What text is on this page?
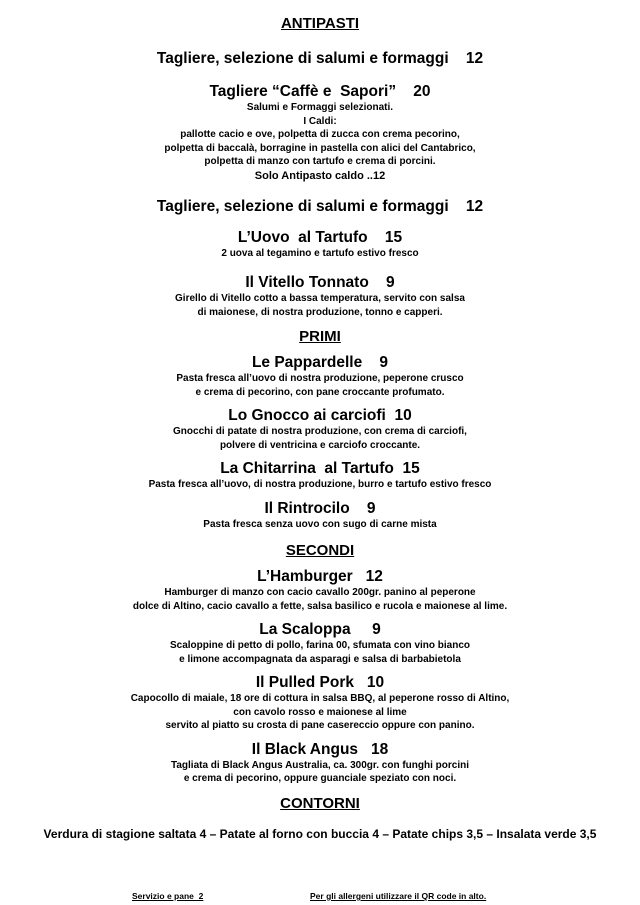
ANTIPASTI

Tagliere, selezione di salumi e formaggi    12

Tagliere “Caffè e  Sapori”    20

Salumi e Formaggi selezionati.

I Caldi:

pallotte cacio e ove, polpetta di zucca con crema pecorino,

polpetta di baccalà, borragine in pastella con alici del Cantabrico,

polpetta di manzo con tartufo e crema di porcini.

Solo Antipasto caldo ..12

Tagliere, selezione di salumi e formaggi    12

L’Uovo  al Tartufo    15

2 uova al tegamino e tartufo estivo fresco

Il Vitello Tonnato    9

Girello di Vitello cotto a bassa temperatura, servito con salsa

di maionese, di nostra produzione, tonno e capperi.

PRIMI

Le Pappardelle    9

Pasta fresca all’uovo di nostra produzione, peperone crusco

e crema di pecorino, con pane croccante profumato.

Lo Gnocco ai carciofi  10

Gnocchi di patate di nostra produzione, con crema di carciofi,

polvere di ventricina e carciofo croccante.

La Chitarrina  al Tartufo  15

Pasta fresca all’uovo, di nostra produzione, burro e tartufo estivo fresco

Il Rintrocilo    9

Pasta fresca senza uovo con sugo di carne mista

SECONDI

L’Hamburger   12

Hamburger di manzo con cacio cavallo 200gr. panino al peperone

dolce di Altino, cacio cavallo a fette, salsa basilico e rucola e maionese al lime.

La Scaloppa     9

Scaloppine di petto di pollo, farina 00, sfumata con vino bianco

e limone accompagnata da asparagi e salsa di barbabietola

Il Pulled Pork   10

Capocollo di maiale, 18 ore di cottura in salsa BBQ, al peperone rosso di Altino,

con cavolo rosso e maionese al lime

servito al piatto su crosta di pane casereccio oppure con panino.

Il Black Angus   18

Tagliata di Black Angus Australia, ca. 300gr. con funghi porcini

e crema di pecorino, oppure guanciale speziato con noci.

CONTORNI

Verdura di stagione saltata 4 – Patate al forno con buccia 4 – Patate chips 3,5 – Insalata verde 3,5

Servizio e pane  2	Per gli allergeni utilizzare il QR code in alto.
